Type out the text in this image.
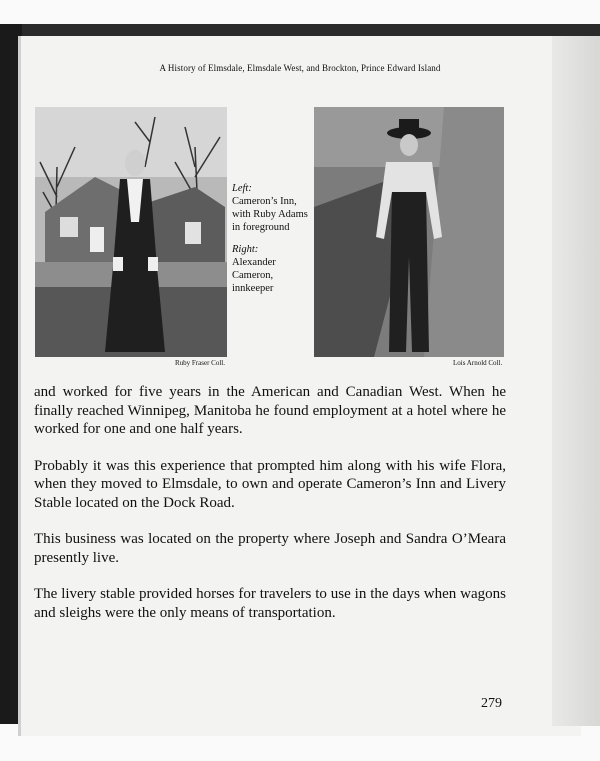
A History of Elmsdale, Elmsdale West, and Brockton, Prince Edward Island
Ruby Fraser Coll.	Lois Arnold Coll.

Left:
Cameron’s Inn, with Ruby Adams in foreground

Right:
Alexander Cameron, innkeeper

and worked for five years in the American and Canadian West. When he finally reached Winnipeg, Manitoba he found employment at a hotel where he worked for one and one half years.

Probably it was this experience that prompted him along with his wife Flora, when they moved to Elmsdale, to own and operate Cameron’s Inn and Livery Stable located on the Dock Road.

This business was located on the property where Joseph and Sandra O’Meara presently live.

The livery stable provided horses for travelers to use in the days when wagons and sleighs were the only means of transportation.

279
